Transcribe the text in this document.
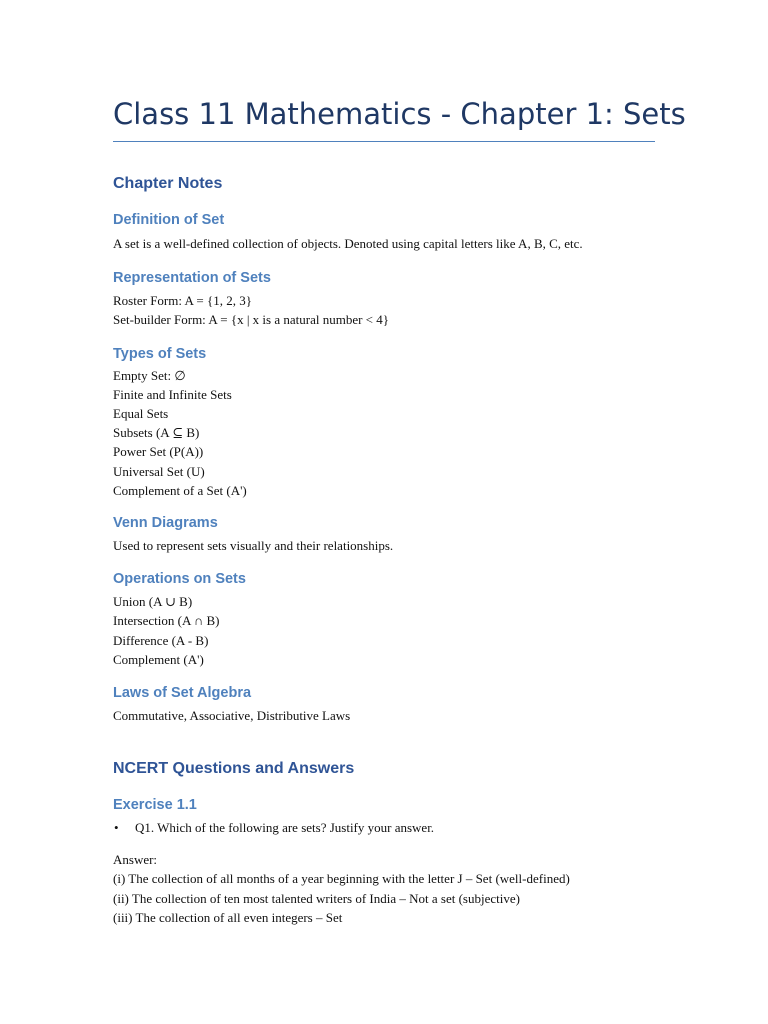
Class 11 Mathematics - Chapter 1: Sets
Chapter Notes
Definition of Set

A set is a well-defined collection of objects. Denoted using capital letters like A, B, C, etc.

Representation of Sets

Roster Form: A = {1, 2, 3}

Set-builder Form: A = {x | x is a natural number < 4}

Types of Sets

Empty Set: ∅

Finite and Infinite Sets

Equal Sets

Subsets (A ⊆ B)

Power Set (P(A))

Universal Set (U)

Complement of a Set (A')

Venn Diagrams

Used to represent sets visually and their relationships.

Operations on Sets

Union (A ∪ B)

Intersection (A ∩ B)

Difference (A - B)

Complement (A')

Laws of Set Algebra

Commutative, Associative, Distributive Laws

NCERT Questions and Answers
Exercise 1.1
• Q1. Which of the following are sets? Justify your answer.

Answer:

(i) The collection of all months of a year beginning with the letter J – Set (well-defined)

(ii) The collection of ten most talented writers of India – Not a set (subjective)

(iii) The collection of all even integers – Set
